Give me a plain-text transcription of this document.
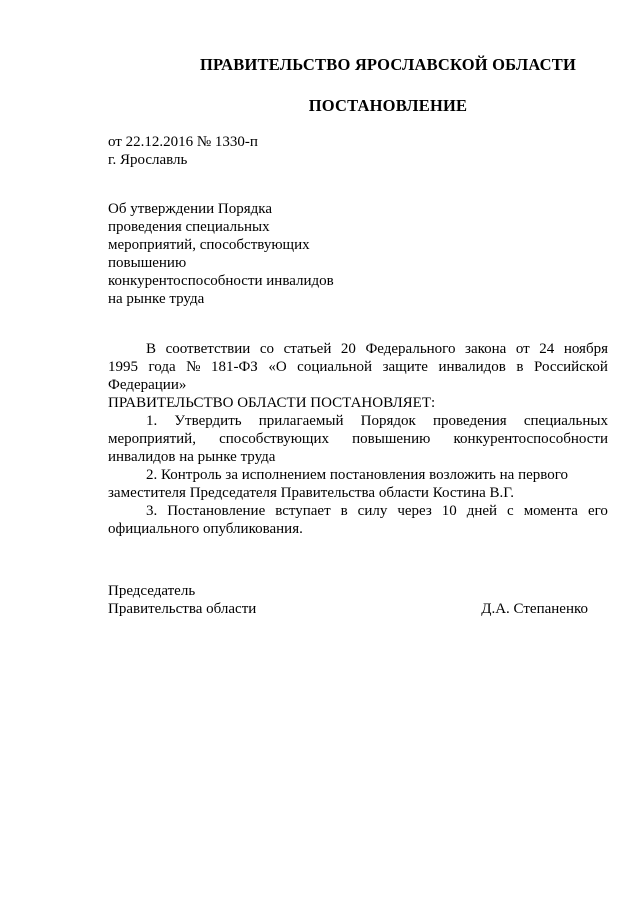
ПРАВИТЕЛЬСТВО ЯРОСЛАВСКОЙ ОБЛАСТИ
ПОСТАНОВЛЕНИЕ
от 22.12.2016 № 1330-п
г. Ярославль
Об утверждении Порядка
проведения специальных
мероприятий, способствующих
повышению
конкурентоспособности инвалидов
на рынке труда
В соответствии со статьей 20 Федерального закона от 24 ноября
1995 года № 181-ФЗ «О социальной защите инвалидов в Российской
Федерации»
ПРАВИТЕЛЬСТВО ОБЛАСТИ ПОСТАНОВЛЯЕТ:
1. Утвердить прилагаемый Порядок проведения специальных
мероприятий, способствующих повышению конкурентоспособности
инвалидов на рынке труда
2. Контроль за исполнением постановления возложить на первого
заместителя Председателя Правительства области Костина В.Г.
3. Постановление вступает в силу через 10 дней с момента его
официального опубликования.
Председатель
Правительства области	Д.А. Степаненко
